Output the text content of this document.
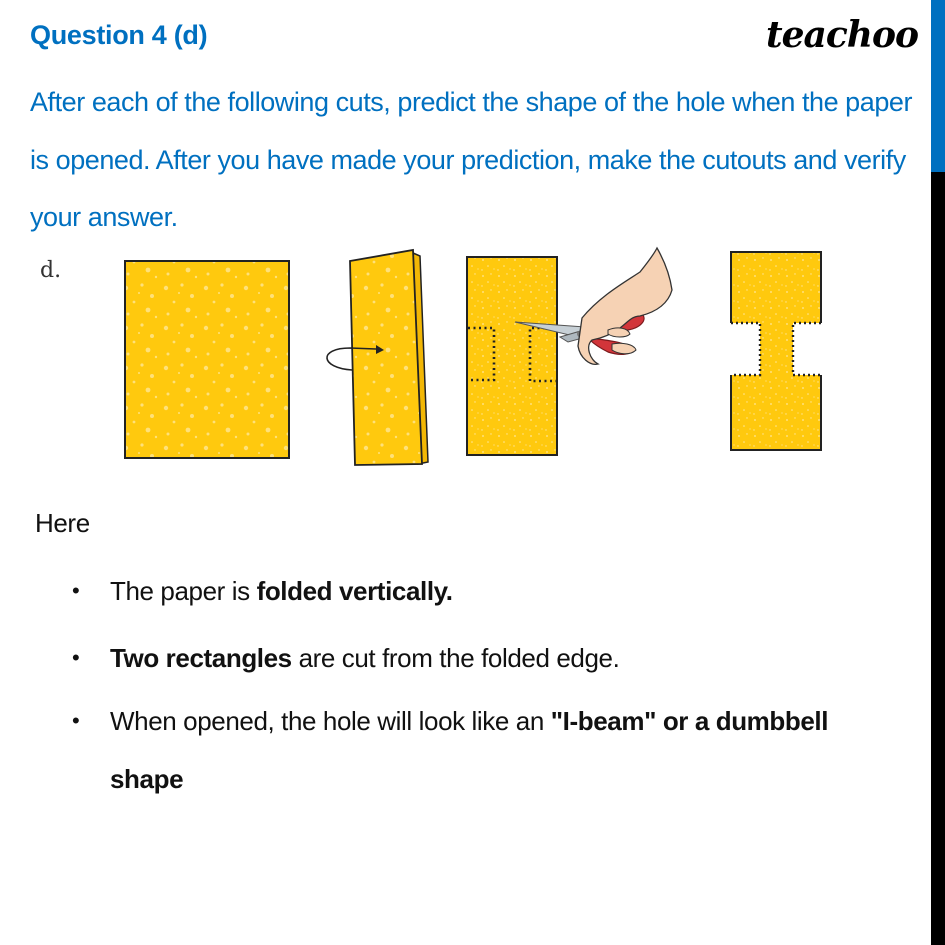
Question 4 (d)	teachoo
After each of the following cuts, predict the shape of the hole when the paper is opened. After you have made your prediction, make the cutouts and verify your answer.
d.
Here
• The paper is folded vertically.
• Two rectangles are cut from the folded edge.
• When opened, the hole will look like an "I-beam" or a dumbbell shape
